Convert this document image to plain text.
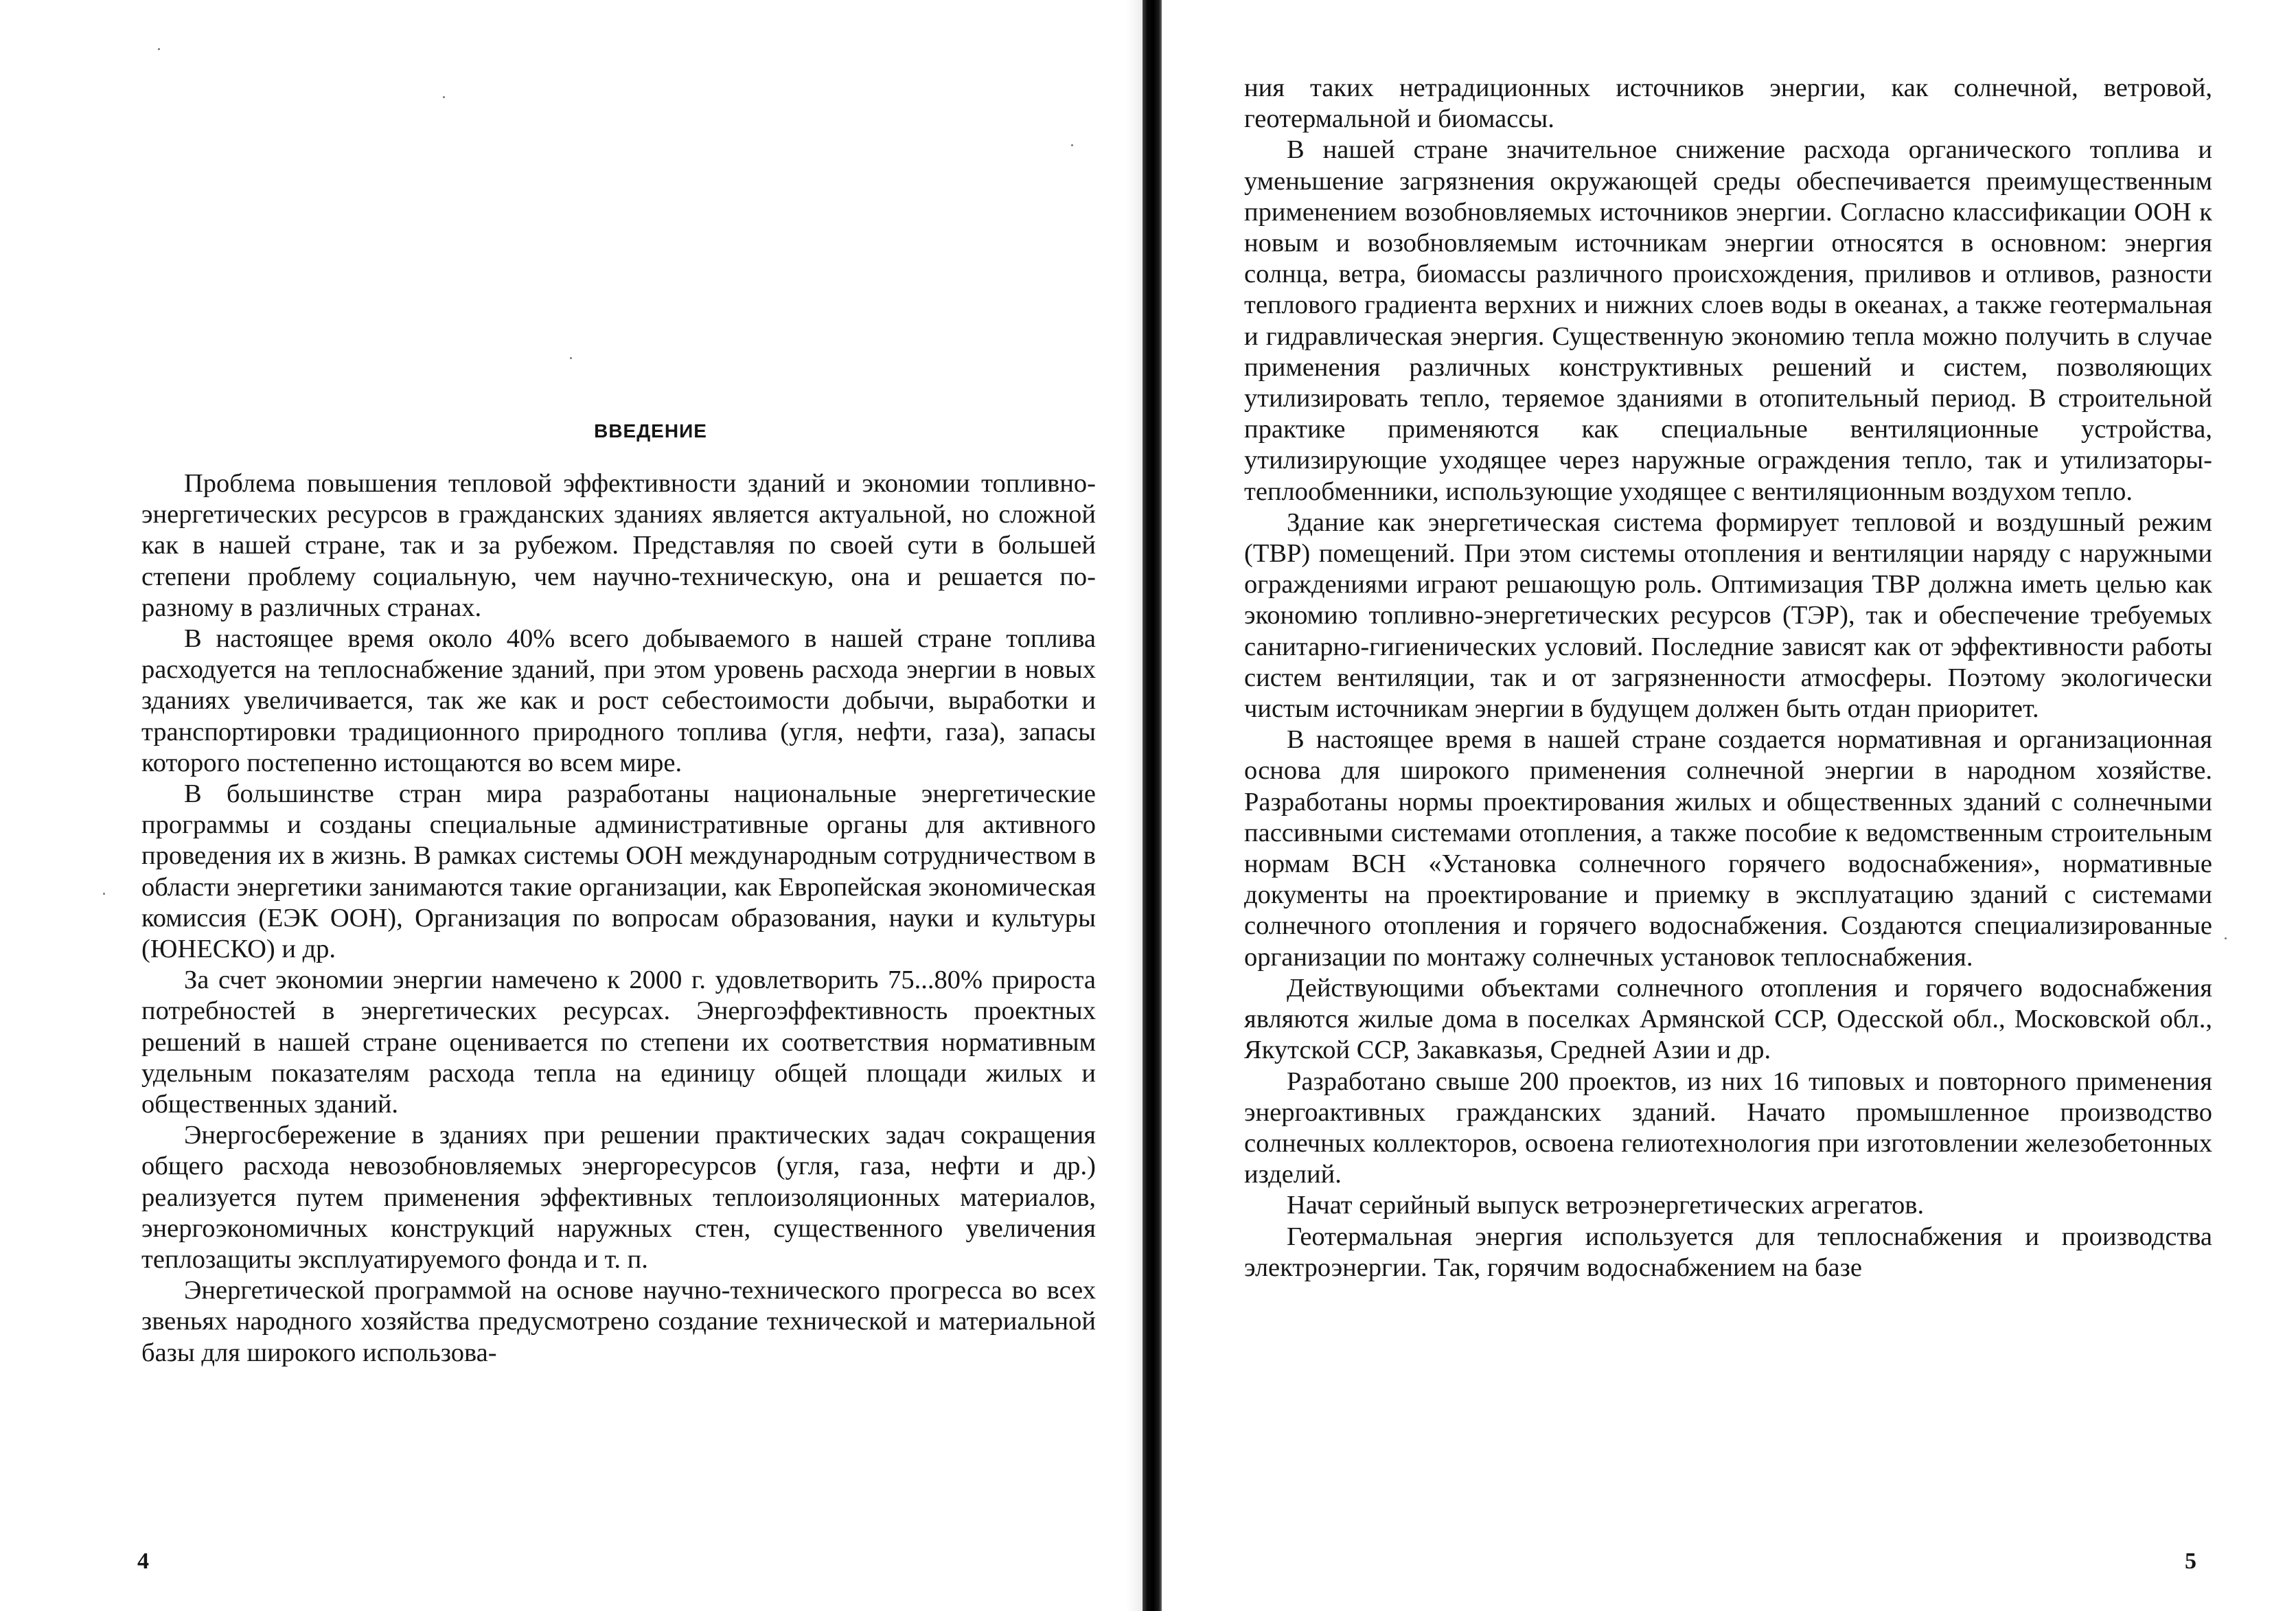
ВВЕДЕНИЕ

Проблема повышения тепловой эффективности зданий и экономии топливно-энергетических ресурсов в гражданских зданиях является актуальной, но сложной как в нашей стране, так и за рубежом. Представляя по своей сути в большей степени проблему социальную, чем научно-техническую, она и решается по-разному в различных странах.

В настоящее время около 40% всего добываемого в нашей стране топлива расходуется на теплоснабжение зданий, при этом уровень расхода энергии в новых зданиях увеличивается, так же как и рост себестоимости добычи, выработки и транспортировки традиционного природного топлива (угля, нефти, газа), запасы которого постепенно истощаются во всем мире.

В большинстве стран мира разработаны национальные энергетические программы и созданы специальные административные органы для активного проведения их в жизнь. В рамках системы ООН международным сотрудничеством в области энергетики занимаются такие организации, как Европейская экономическая комиссия (ЕЭК ООН), Организация по вопросам образования, науки и культуры (ЮНЕСКО) и др.

За счет экономии энергии намечено к 2000 г. удовлетворить 75...80% прироста потребностей в энергетических ресурсах. Энергоэффективность проектных решений в нашей стране оценивается по степени их соответствия нормативным удельным показателям расхода тепла на единицу общей площади жилых и общественных зданий.

Энергосбережение в зданиях при решении практических задач сокращения общего расхода невозобновляемых энергоресурсов (угля, газа, нефти и др.) реализуется путем применения эффективных теплоизоляционных материалов, энергоэкономичных конструкций наружных стен, существенного увеличения теплозащиты эксплуатируемого фонда и т. п.

Энергетической программой на основе научно-технического прогресса во всех звеньях народного хозяйства предусмотрено создание технической и материальной базы для широкого использова-

4

ния таких нетрадиционных источников энергии, как солнечной, ветровой, геотермальной и биомассы.

В нашей стране значительное снижение расхода органического топлива и уменьшение загрязнения окружающей среды обеспечивается преимущественным применением возобновляемых источников энергии. Согласно классификации ООН к новым и возобновляемым источникам энергии относятся в основном: энергия солнца, ветра, биомассы различного происхождения, приливов и отливов, разности теплового градиента верхних и нижних слоев воды в океанах, а также геотермальная и гидравлическая энергия. Существенную экономию тепла можно получить в случае применения различных конструктивных решений и систем, позволяющих утилизировать тепло, теряемое зданиями в отопительный период. В строительной практике применяются как специальные вентиляционные устройства, утилизирующие уходящее через наружные ограждения тепло, так и утилизаторы-теплообменники, использующие уходящее с вентиляционным воздухом тепло.

Здание как энергетическая система формирует тепловой и воздушный режим (ТВР) помещений. При этом системы отопления и вентиляции наряду с наружными ограждениями играют решающую роль. Оптимизация ТВР должна иметь целью как экономию топливно-энергетических ресурсов (ТЭР), так и обеспечение требуемых санитарно-гигиенических условий. Последние зависят как от эффективности работы систем вентиляции, так и от загрязненности атмосферы. Поэтому экологически чистым источникам энергии в будущем должен быть отдан приоритет.

В настоящее время в нашей стране создается нормативная и организационная основа для широкого применения солнечной энергии в народном хозяйстве. Разработаны нормы проектирования жилых и общественных зданий с солнечными пассивными системами отопления, а также пособие к ведомственным строительным нормам ВСН «Установка солнечного горячего водоснабжения», нормативные документы на проектирование и приемку в эксплуатацию зданий с системами солнечного отопления и горячего водоснабжения. Создаются специализированные организации по монтажу солнечных установок теплоснабжения.

Действующими объектами солнечного отопления и горячего водоснабжения являются жилые дома в поселках Армянской ССР, Одесской обл., Московской обл., Якутской ССР, Закавказья, Средней Азии и др.

Разработано свыше 200 проектов, из них 16 типовых и повторного применения энергоактивных гражданских зданий. Начато промышленное производство солнечных коллекторов, освоена гелиотехнология при изготовлении железобетонных изделий.

Начат серийный выпуск ветроэнергетических агрегатов.

Геотермальная энергия используется для теплоснабжения и производства электроэнергии. Так, горячим водоснабжением на базе

5
